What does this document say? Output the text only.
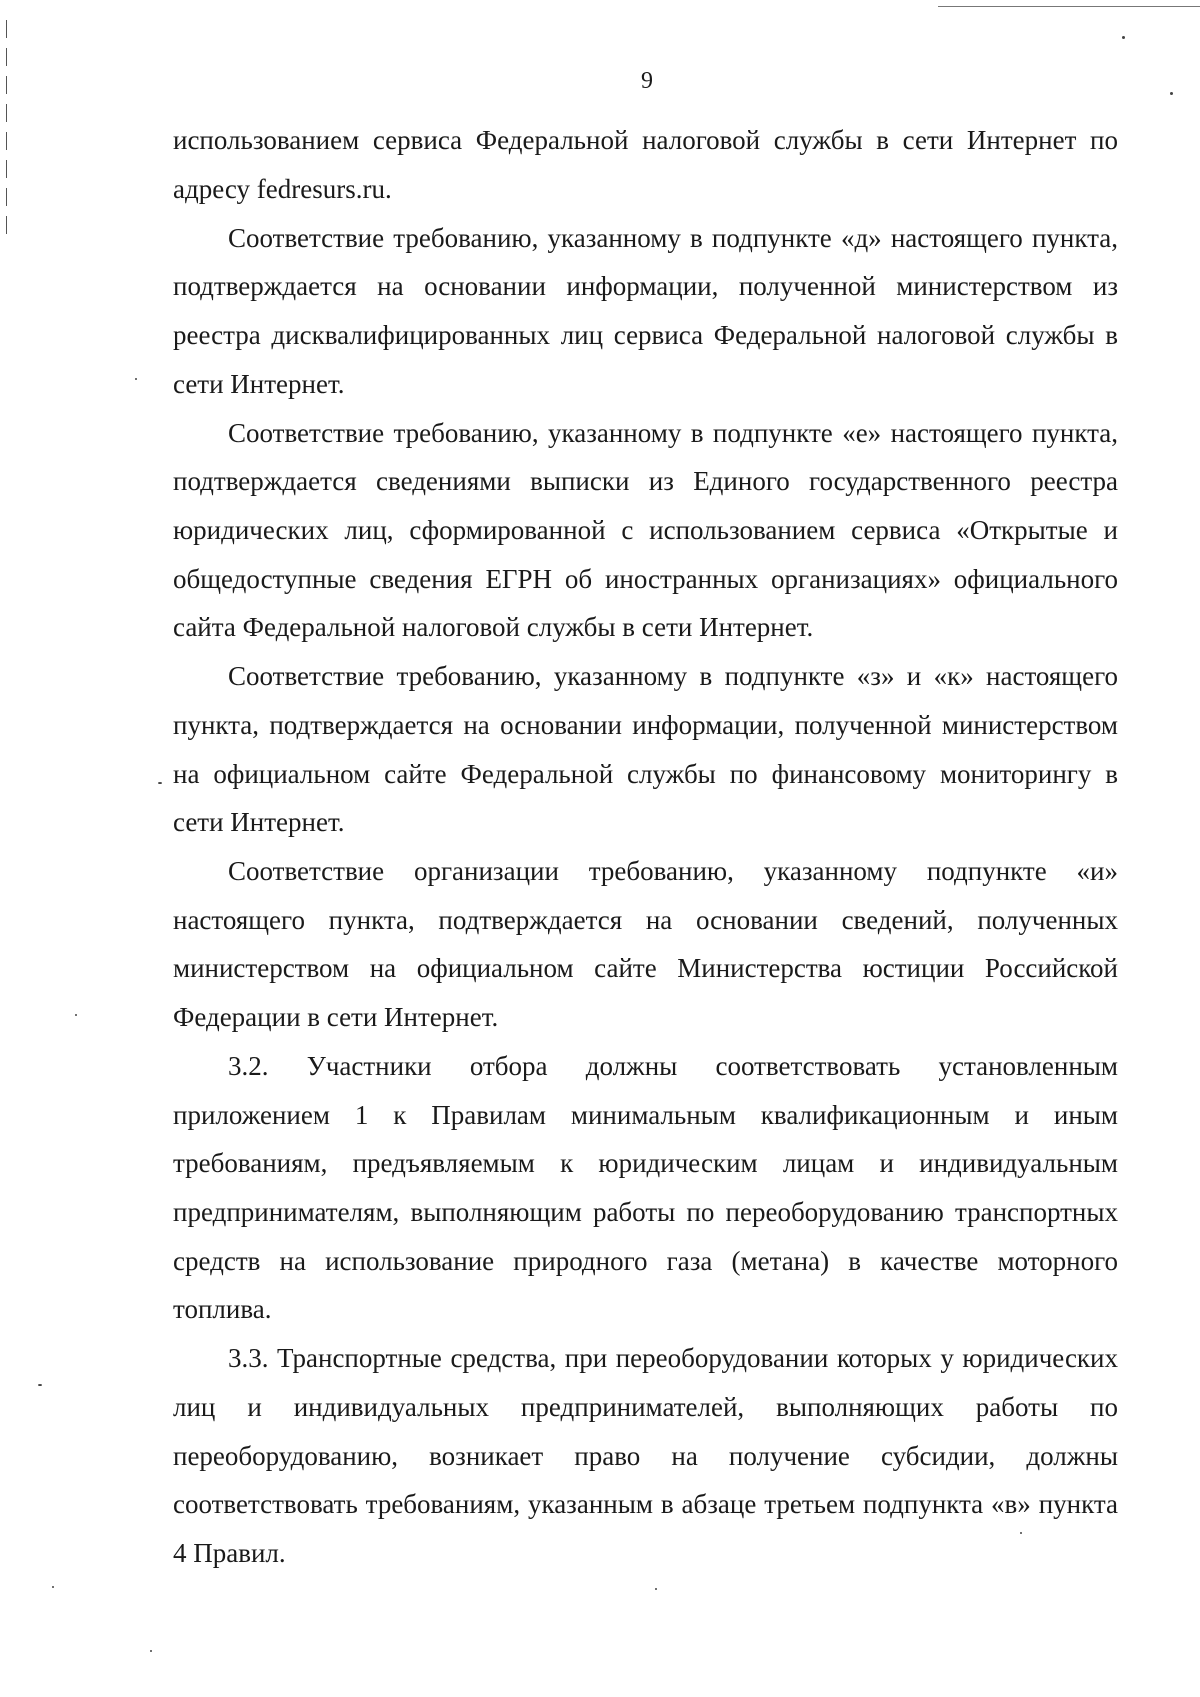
9

использованием сервиса Федеральной налоговой службы в сети Интернет по адресу fedresurs.ru.

Соответствие требованию, указанному в подпункте «д» настоящего пункта, подтверждается на основании информации, полученной министерством из реестра дисквалифицированных лиц сервиса Федеральной налоговой службы в сети Интернет.

Соответствие требованию, указанному в подпункте «е» настоящего пункта, подтверждается сведениями выписки из Единого государственного реестра юридических лиц, сформированной с использованием сервиса «Открытые и общедоступные сведения ЕГРН об иностранных организациях» официального сайта Федеральной налоговой службы в сети Интернет.

Соответствие требованию, указанному в подпункте «з» и «к» настоящего пункта, подтверждается на основании информации, полученной министерством на официальном сайте Федеральной службы по финансовому мониторингу в сети Интернет.

Соответствие организации требованию, указанному подпункте «и» настоящего пункта, подтверждается на основании сведений, полученных министерством на официальном сайте Министерства юстиции Российской Федерации в сети Интернет.

3.2. Участники отбора должны соответствовать установленным приложением 1 к Правилам минимальным квалификационным и иным требованиям, предъявляемым к юридическим лицам и индивидуальным предпринимателям, выполняющим работы по переоборудованию транспортных средств на использование природного газа (метана) в качестве моторного топлива.

3.3. Транспортные средства, при переоборудовании которых у юридических лиц и индивидуальных предпринимателей, выполняющих работы по переоборудованию, возникает право на получение субсидии, должны соответствовать требованиям, указанным в абзаце третьем подпункта «в» пункта 4 Правил.
